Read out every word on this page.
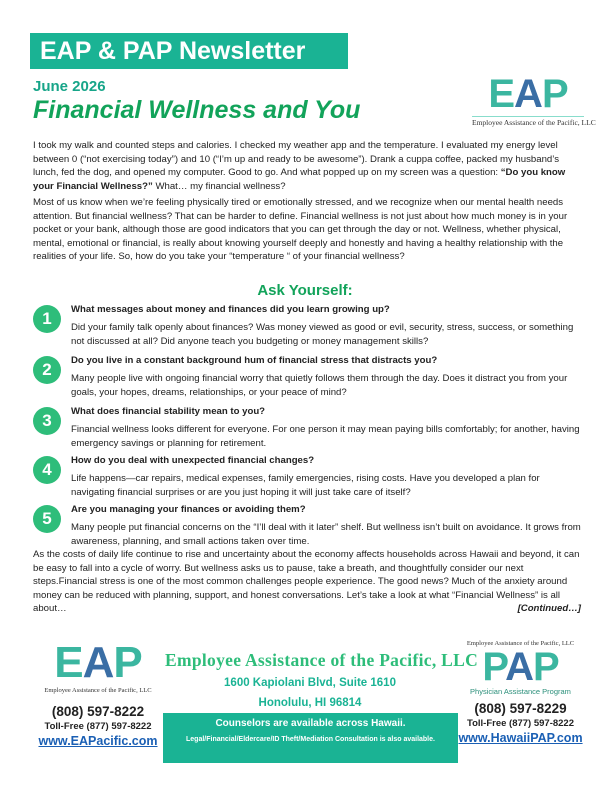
EAP & PAP Newsletter
June 2026
Financial Wellness and You	EAP
Employee Assistance of the Pacific, LLC
I took my walk and counted steps and calories. I checked my weather app and the temperature. I evaluated my energy level between 0 (“not exercising today”) and 10 (“I’m up and ready to be awesome”). Drank a cuppa coffee, packed my husband’s lunch, fed the dog, and opened my computer. Good to go. And what popped up on my screen was a question: “Do you know your Financial Wellness?” What… my financial wellness?
Most of us know when we’re feeling physically tired or emotionally stressed, and we recognize when our mental health needs attention. But financial wellness? That can be harder to define. Financial wellness is not just about how much money is in your pocket or your bank, although those are good indicators that you can get through the day or not. Wellness, whether physical, mental, emotional or financial, is really about knowing yourself deeply and honestly and having a healthy relationship with the realities of your life. So, how do you take your “temperature “ of your financial wellness?
Ask Yourself:
1	What messages about money and finances did you learn growing up?
Did your family talk openly about finances? Was money viewed as good or evil, security, stress, success, or something not discussed at all? Did anyone teach you budgeting or money management skills?
2	Do you live in a constant background hum of financial stress that distracts you?
Many people live with ongoing financial worry that quietly follows them through the day. Does it distract you from your goals, your hopes, dreams, relationships, or your peace of mind?
3	What does financial stability mean to you?
Financial wellness looks different for everyone. For one person it may mean paying bills comfortably; for another, having emergency savings or planning for retirement.
4	How do you deal with unexpected financial changes?
Life happens—car repairs, medical expenses, family emergencies, rising costs. Have you developed a plan for navigating financial surprises or are you just hoping it will just take care of itself?
5	Are you managing your finances or avoiding them?
Many people put financial concerns on the “I’ll deal with it later” shelf. But wellness isn’t built on avoidance. It grows from awareness, planning, and small actions taken over time.
As the costs of daily life continue to rise and uncertainty about the economy affects households across Hawaii and beyond, it can be easy to fall into a cycle of worry. But wellness asks us to pause, take a breath, and thoughtfully consider our next steps.Financial stress is one of the most common challenges people experience. The good news? Much of the anxiety around money can be reduced with planning, support, and honest conversations. Let’s take a look at what “Financial Wellness” is all about…	[Continued…]
EAP
Employee Assistance of the Pacific, LLC
(808) 597-8222
Toll-Free (877) 597-8222
www.EAPacific.com
Employee Assistance of the Pacific, LLC
1600 Kapiolani Blvd, Suite 1610
Honolulu, HI 96814
Counselors are available across Hawaii.
Legal/Financial/Eldercare/ID Theft/Mediation Consultation is also available.
Employee Assistance of the Pacific, LLC
PAP
Physician Assistance Program
(808) 597-8229
Toll-Free (877) 597-8222
www.HawaiiPAP.com
